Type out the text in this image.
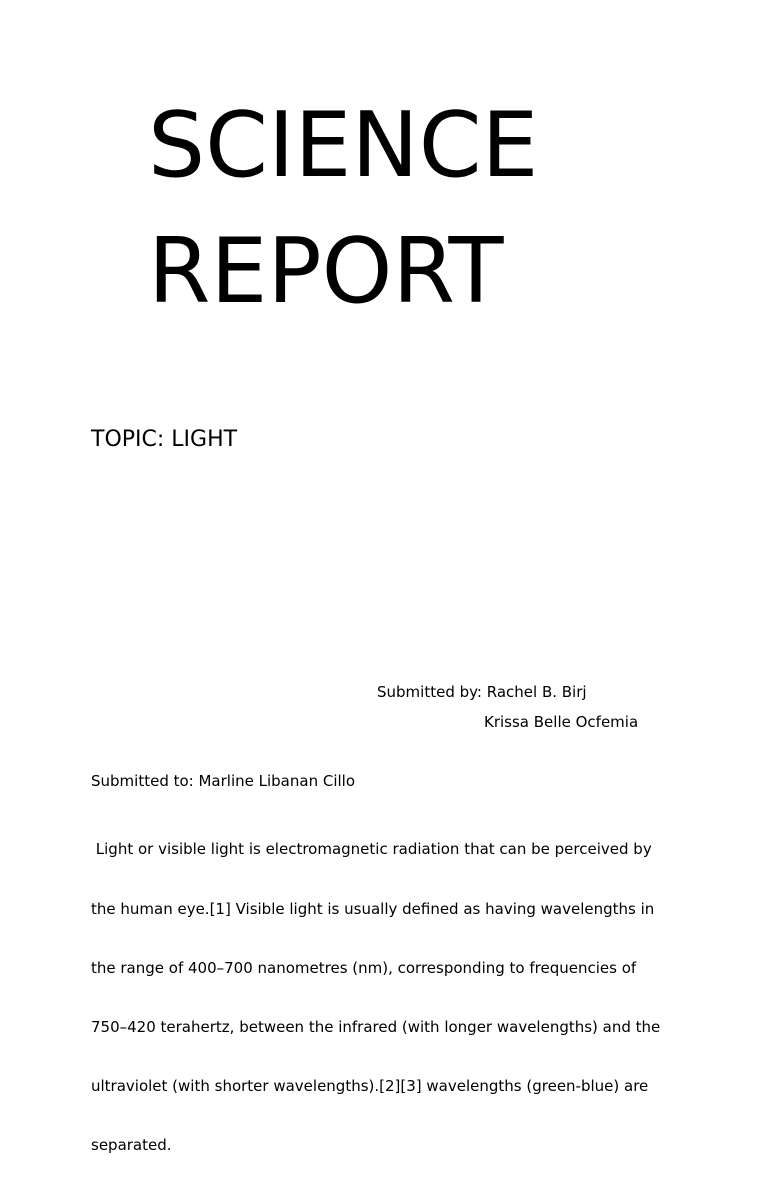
SCIENCE
REPORT
TOPIC: LIGHT
Submitted by: Rachel B. Birj
Krissa Belle Ocfemia
Submitted to: Marline Libanan Cillo

Light or visible light is electromagnetic radiation that can be perceived by

the human eye.[1] Visible light is usually defined as having wavelengths in

the range of 400–700 nanometres (nm), corresponding to frequencies of

750–420 terahertz, between the infrared (with longer wavelengths) and the

ultraviolet (with shorter wavelengths).[2][3] wavelengths (green-blue) are

separated.
